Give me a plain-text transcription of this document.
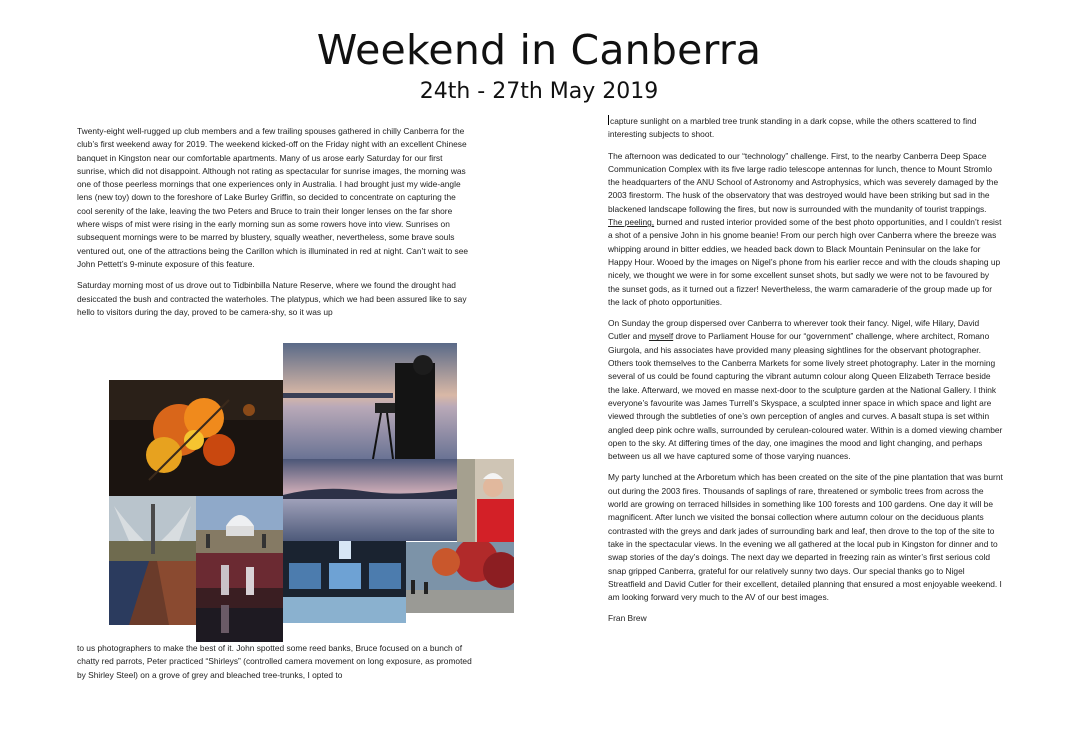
Weekend in Canberra
24th - 27th May 2019

Twenty-eight well-rugged up club members and a few trailing spouses gathered in chilly Canberra for the club’s first weekend away for 2019. The weekend kicked-off on the Friday night with an excellent Chinese banquet in Kingston near our comfortable apartments. Many of us arose early Saturday for our first sunrise, which did not disappoint. Although not rating as spectacular for sunrise images, the morning was one of those peerless mornings that one experiences only in Australia. I had brought just my wide-angle lens (new toy) down to the foreshore of Lake Burley Griffin, so decided to concentrate on capturing the cool serenity of the lake, leaving the two Peters and Bruce to train their longer lenses on the far shore where wisps of mist were rising in the early morning sun as some rowers hove into view. Sunrises on subsequent mornings were to be marred by blustery, squally weather, nevertheless, some brave souls ventured out, one of the attractions being the Carillon which is illuminated in red at night. Can’t wait to see John Pettett’s 9-minute exposure of this feature.

Saturday morning most of us drove out to Tidbinbilla Nature Reserve, where we found the drought had desiccated the bush and contracted the waterholes. The platypus, which we had been assured like to say hello to visitors during the day, proved to be camera-shy, so it was up

to us photographers to make the best of it. John spotted some reed banks, Bruce focused on a bunch of chatty red parrots, Peter practiced “Shirleys” (controlled camera movement on long exposure, as promoted by Shirley Steel) on a grove of grey and bleached tree-trunks, I opted to

capture sunlight on a marbled tree trunk standing in a dark copse, while the others scattered to find interesting subjects to shoot.

The afternoon was dedicated to our “technology” challenge. First, to the nearby Canberra Deep Space Communication Complex with its five large radio telescope antennas for lunch, thence to Mount Stromlo the headquarters of the ANU School of Astronomy and Astrophysics, which was severely damaged by the 2003 firestorm. The husk of the observatory that was destroyed would have been striking but sad in the blackened landscape following the fires, but now is surrounded with the mundanity of tourist trappings. The peeling, burned and rusted interior provided some of the best photo opportunities, and I couldn’t resist a shot of a pensive John in his gnome beanie! From our perch high over Canberra where the breeze was whipping around in bitter eddies, we headed back down to Black Mountain Peninsular on the lake for Happy Hour. Wooed by the images on Nigel’s phone from his earlier recce and with the clouds shaping up nicely, we thought we were in for some excellent sunset shots, but sadly we were not to be favoured by the sunset gods, as it turned out a fizzer! Nevertheless, the warm camaraderie of the group made up for the lack of photo opportunities.

On Sunday the group dispersed over Canberra to wherever took their fancy. Nigel, wife Hilary, David Cutler and myself drove to Parliament House for our “government” challenge, where architect, Romano Giurgola, and his associates have provided many pleasing sightlines for the observant photographer. Others took themselves to the Canberra Markets for some lively street photography. Later in the morning several of us could be found capturing the vibrant autumn colour along Queen Elizabeth Terrace beside the lake. Afterward, we moved en masse next-door to the sculpture garden at the National Gallery. I think everyone’s favourite was James Turrell’s Skyspace, a sculpted inner space in which space and light are viewed through the subtleties of one’s own perception of angles and curves. A basalt stupa is set within angled deep pink ochre walls, surrounded by cerulean-coloured water. Within is a domed viewing chamber open to the sky. At differing times of the day, one imagines the mood and light changing, and perhaps between us all we have captured some of those varying nuances.

My party lunched at the Arboretum which has been created on the site of the pine plantation that was burnt out during the 2003 fires. Thousands of saplings of rare, threatened or symbolic trees from across the world are growing on terraced hillsides in something like 100 forests and 100 gardens. One day it will be magnificent. After lunch we visited the bonsai collection where autumn colour on the deciduous plants contrasted with the greys and dark jades of surrounding bark and leaf, then drove to the top of the site to take in the spectacular views. In the evening we all gathered at the local pub in Kingston for dinner and to swap stories of the day’s doings. The next day we departed in freezing rain as winter’s first serious cold snap gripped Canberra, grateful for our relatively sunny two days. Our special thanks go to Nigel Streatfield and David Cutler for their excellent, detailed planning that ensured a most enjoyable weekend. I am looking forward very much to the AV of our best images.

Fran Brew
